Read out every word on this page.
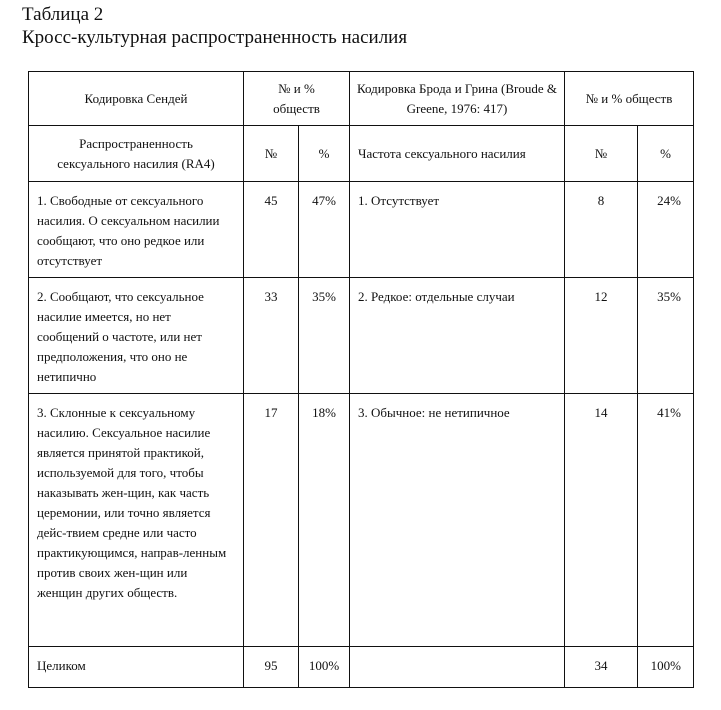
Таблица 2
Кросс-культурная распространенность насилия
Кодировка Сендей	№ и % обществ		Кодировка Брода и Грина (Broude & Greene, 1976: 417)	№ и % обществ	

Распространенность сексуального насилия (RA4)	№	%	Частота сексуального насилия	№	%

1. Свободные от сексуального насилия. О сексуальном насилии сообщают, что оно редкое или отсутствует	45	47%	1. Отсутствует	8	24%

2. Сообщают, что сексуальное насилие имеется, но нет сообщений о частоте, или нет предположения, что оно не нетипично	33	35%	2. Редкое: отдельные случаи	12	35%

3. Склонные к сексуальному насилию. Сексуальное насилие является принятой практикой, используемой для того, чтобы наказывать жен-щин, как часть церемонии, или точно является дейс-твием средне или часто практикующимся, направ-ленным против своих жен-щин или женщин других обществ.	17	18%	3. Обычное: не нетипичное	14	41%

Целиком	95	100%		34	100%
